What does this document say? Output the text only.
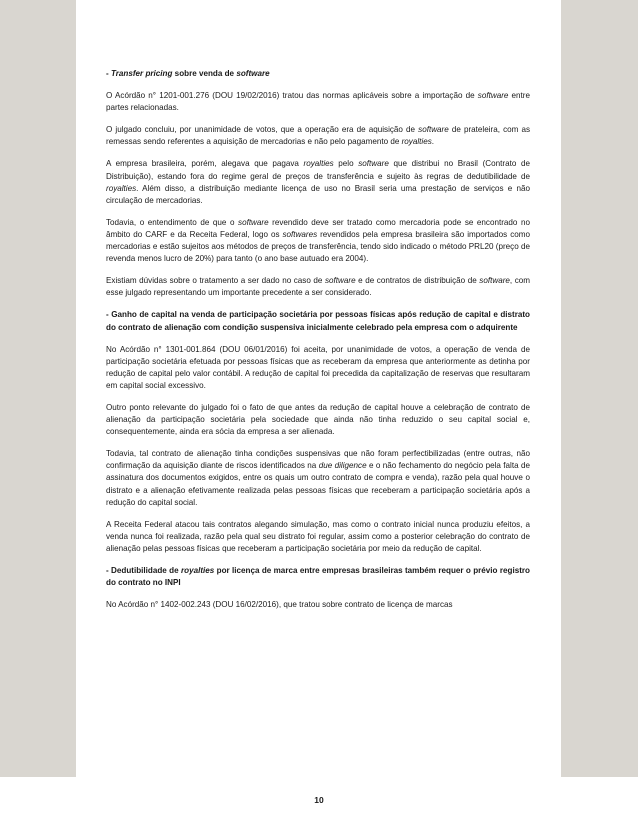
- Transfer pricing sobre venda de software

O Acórdão n° 1201-001.276 (DOU 19/02/2016) tratou das normas aplicáveis sobre a importação de software entre partes relacionadas.

O julgado concluiu, por unanimidade de votos, que a operação era de aquisição de software de prateleira, com as remessas sendo referentes a aquisição de mercadorias e não pelo pagamento de royalties.

A empresa brasileira, porém, alegava que pagava royalties pelo software que distribui no Brasil (Contrato de Distribuição), estando fora do regime geral de preços de transferência e sujeito às regras de dedutibilidade de royalties. Além disso, a distribuição mediante licença de uso no Brasil seria uma prestação de serviços e não circulação de mercadorias.

Todavia, o entendimento de que o software revendido deve ser tratado como mercadoria pode se encontrado no âmbito do CARF e da Receita Federal, logo os softwares revendidos pela empresa brasileira são importados como mercadorias e estão sujeitos aos métodos de preços de transferência, tendo sido indicado o método PRL20 (preço de revenda menos lucro de 20%) para tanto (o ano base autuado era 2004).

Existiam dúvidas sobre o tratamento a ser dado no caso de software e de contratos de distribuição de software, com esse julgado representando um importante precedente a ser considerado.

- Ganho de capital na venda de participação societária por pessoas físicas após redução de capital e distrato do contrato de alienação com condição suspensiva inicialmente celebrado pela empresa com o adquirente

No Acórdão n° 1301-001.864 (DOU 06/01/2016) foi aceita, por unanimidade de votos, a operação de venda de participação societária efetuada por pessoas físicas que as receberam da empresa que anteriormente as detinha por redução de capital pelo valor contábil. A redução de capital foi precedida da capitalização de reservas que resultaram em capital social excessivo.

Outro ponto relevante do julgado foi o fato de que antes da redução de capital houve a celebração de contrato de alienação da participação societária pela sociedade que ainda não tinha reduzido o seu capital social e, consequentemente, ainda era sócia da empresa a ser alienada.

Todavia, tal contrato de alienação tinha condições suspensivas que não foram perfectibilizadas (entre outras, não confirmação da aquisição diante de riscos identificados na due diligence e o não fechamento do negócio pela falta de assinatura dos documentos exigidos, entre os quais um outro contrato de compra e venda), razão pela qual houve o distrato e a alienação efetivamente realizada pelas pessoas físicas que receberam a participação societária após a redução do capital social.

A Receita Federal atacou tais contratos alegando simulação, mas como o contrato inicial nunca produziu efeitos, a venda nunca foi realizada, razão pela qual seu distrato foi regular, assim como a posterior celebração do contrato de alienação pelas pessoas físicas que receberam a participação societária por meio da redução de capital.

- Dedutibilidade de royalties por licença de marca entre empresas brasileiras também requer o prévio registro do contrato no INPI

No Acórdão n° 1402-002.243 (DOU 16/02/2016), que tratou sobre contrato de licença de marcas

10
